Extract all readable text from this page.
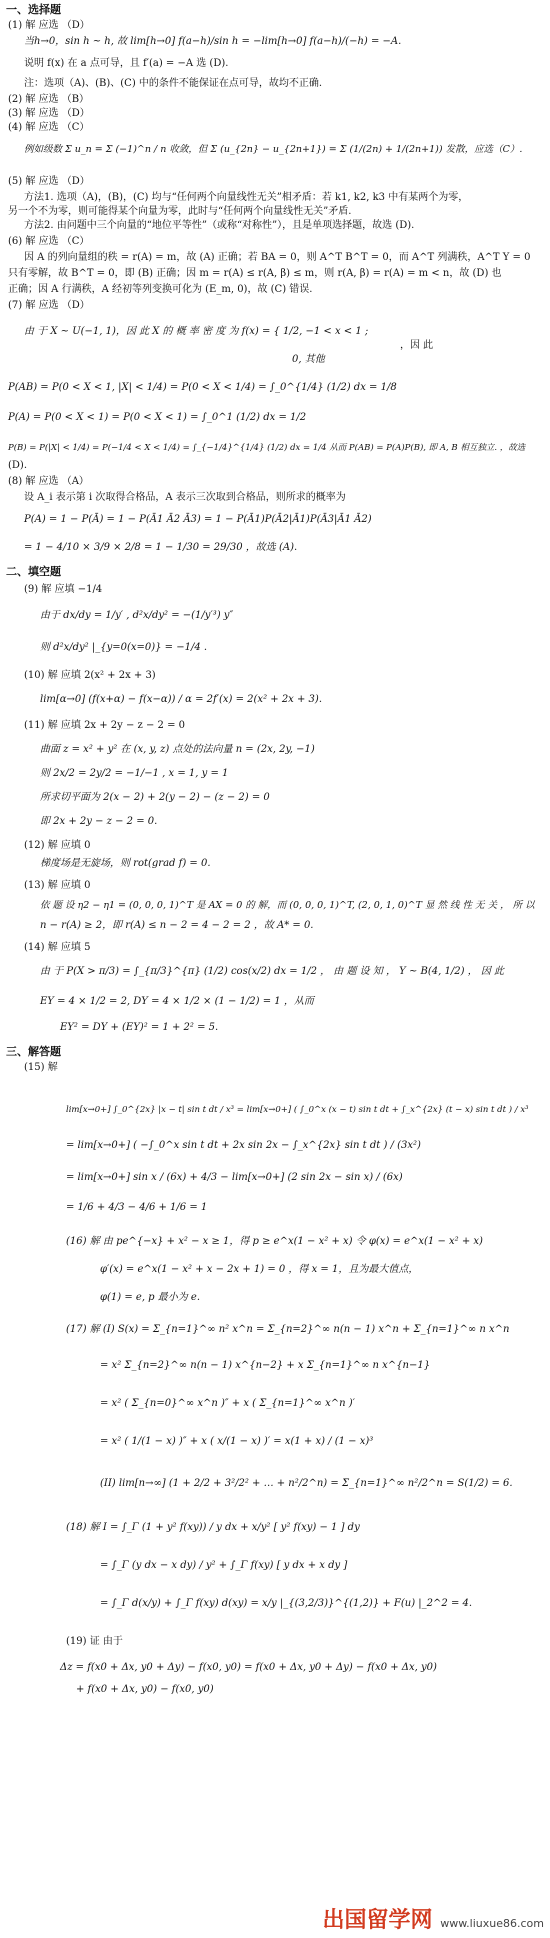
一、选择题
(1) 解 应选 （D）
当h→0，sin h ~ h, 故 lim[h→0] f(a−h)/sin h = −lim[h→0] f(a−h)/(−h) = −A.
说明 f(x) 在 a 点可导，且 f′(a) = −A 选 (D).
注：选项（A)、(B)、(C) 中的条件不能保证在点可导，故均不正确.
(2) 解 应选 （B）
(3) 解 应选 （D）
(4) 解 应选 （C）
例如级数 Σ u_n = Σ (−1)^n / n 收敛，但 Σ (u_{2n} − u_{2n+1}) = Σ (1/(2n) + 1/(2n+1)) 发散，应选（C）.
(5) 解 应选 （D）
方法1. 选项（A)，(B)，(C) 均与“任何两个向量线性无关”相矛盾：若 k1, k2, k3 中有某两个为零，
另一个不为零，则可能得某个向量为零，此时与“任何两个向量线性无关”矛盾.
方法2. 由问题中三个向量的“地位平等性”（或称“对称性”），且是单项选择题，故选 (D).
(6) 解 应选 （C）
因 A 的列向量组的秩 = r(A) = m，故 (A) 正确；若 BA = 0，则 A^T B^T = 0，而 A^T 列满秩，A^T Y = 0
只有零解，故 B^T = 0，即 (B) 正确；因 m = r(A) ≤ r(A, β) ≤ m，则 r(A, β) = r(A) = m < n，故 (D) 也
正确；因 A 行满秩，A 经初等列变换可化为 (E_m, 0)，故 (C) 错误.
(7) 解 应选 （D）
由 于 X ~ U(−1, 1)，因 此 X 的 概 率 密 度 为 f(x) = { 1/2, −1 < x < 1 ;
，因 此
0, 其他
P(AB) = P(0 < X < 1, |X| < 1/4) = P(0 < X < 1/4) = ∫_0^{1/4} (1/2) dx = 1/8
P(A) = P(0 < X < 1) = P(0 < X < 1) = ∫_0^1 (1/2) dx = 1/2
P(B) = P(|X| < 1/4) = P(−1/4 < X < 1/4) = ∫_{−1/4}^{1/4} (1/2) dx = 1/4 从而 P(AB) = P(A)P(B), 即 A, B 相互独立. ，故选
(D).
(8) 解 应选 （A）
设 A_i 表示第 i 次取得合格品，A 表示三次取到合格品，则所求的概率为
P(A) = 1 − P(Ā) = 1 − P(Ā1 Ā2 Ā3) = 1 − P(Ā1)P(Ā2|Ā1)P(Ā3|Ā1 Ā2)
= 1 − 4/10 × 3/9 × 2/8 = 1 − 1/30 = 29/30 ，故选 (A).
二、填空题
(9) 解 应填 −1/4
由于 dx/dy = 1/y′ , d²x/dy² = −(1/y′³) y″
则 d²x/dy² |_{y=0(x=0)} = −1/4 .
(10) 解 应填 2(x² + 2x + 3)
lim[α→0] (f(x+α) − f(x−α)) / α = 2f′(x) = 2(x² + 2x + 3).
(11) 解 应填 2x + 2y − z − 2 = 0
曲面 z = x² + y² 在 (x, y, z) 点处的法向量 n = (2x, 2y, −1)
则 2x/2 = 2y/2 = −1/−1 , x = 1, y = 1
所求切平面为 2(x − 2) + 2(y − 2) − (z − 2) = 0
即 2x + 2y − z − 2 = 0.
(12) 解 应填 0
梯度场是无旋场，则 rot(grad f) = 0.
(13) 解 应填 0
依 题 设 η2 − η1 = (0, 0, 0, 1)^T 是 AX = 0 的 解，而 (0, 0, 0, 1)^T, (2, 0, 1, 0)^T 显 然 线 性 无 关 ， 所 以
n − r(A) ≥ 2，即 r(A) ≤ n − 2 = 4 − 2 = 2 ，故 A* = 0.
(14) 解 应填 5
由 于 P(X > π/3) = ∫_{π/3}^{π} (1/2) cos(x/2) dx = 1/2 ， 由 题 设 知 ， Y ~ B(4, 1/2) ， 因 此
EY = 4 × 1/2 = 2, DY = 4 × 1/2 × (1 − 1/2) = 1 ，从而
EY² = DY + (EY)² = 1 + 2² = 5.
三、解答题
(15) 解
lim[x→0+] ∫_0^{2x} |x − t| sin t dt / x³ = lim[x→0+] ( ∫_0^x (x − t) sin t dt + ∫_x^{2x} (t − x) sin t dt ) / x³
= lim[x→0+] ( −∫_0^x sin t dt + 2x sin 2x − ∫_x^{2x} sin t dt ) / (3x²)
= lim[x→0+] sin x / (6x) + 4/3 − lim[x→0+] (2 sin 2x − sin x) / (6x)
= 1/6 + 4/3 − 4/6 + 1/6 = 1
(16) 解 由 pe^{−x} + x² − x ≥ 1，得 p ≥ e^x(1 − x² + x) 令 φ(x) = e^x(1 − x² + x)
φ′(x) = e^x(1 − x² + x − 2x + 1) = 0 ，得 x = 1，且为最大值点，
φ(1) = e, p 最小为 e.
(17) 解 (I) S(x) = Σ_{n=1}^∞ n² x^n = Σ_{n=2}^∞ n(n − 1) x^n + Σ_{n=1}^∞ n x^n
= x² Σ_{n=2}^∞ n(n − 1) x^{n−2} + x Σ_{n=1}^∞ n x^{n−1}
= x² ( Σ_{n=0}^∞ x^n )″ + x ( Σ_{n=1}^∞ x^n )′
= x² ( 1/(1 − x) )″ + x ( x/(1 − x) )′ = x(1 + x) / (1 − x)³
(II) lim[n→∞] (1 + 2/2 + 3²/2² + … + n²/2^n) = Σ_{n=1}^∞ n²/2^n = S(1/2) = 6.
(18) 解 I = ∫_Γ (1 + y² f(xy)) / y dx + x/y² [ y² f(xy) − 1 ] dy
= ∫_Γ (y dx − x dy) / y² + ∫_Γ f(xy) [ y dx + x dy ]
= ∫_Γ d(x/y) + ∫_Γ f(xy) d(xy) = x/y |_{(3,2/3)}^{(1,2)} + F(u) |_2^2 = 4.
(19) 证 由于
Δz = f(x0 + Δx, y0 + Δy) − f(x0, y0) = f(x0 + Δx, y0 + Δy) − f(x0 + Δx, y0)
+ f(x0 + Δx, y0) − f(x0, y0)
出国留学网 www.liuxue86.com
